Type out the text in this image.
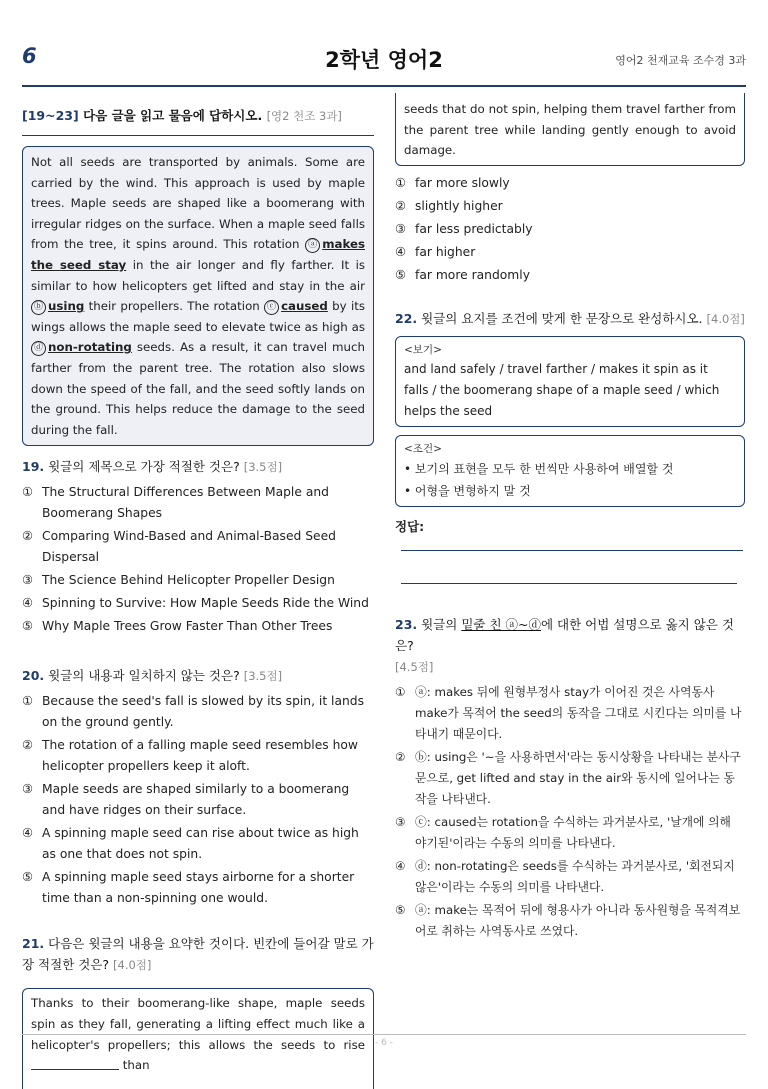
2학년 영어2
6	영어2 천재교육 조수경 3과
[19~23] 다음 글을 읽고 물음에 답하시오. [영2 천조 3과]
Not all seeds are transported by animals. Some are carried by the wind. This approach is used by maple trees. Maple seeds are shaped like a boomerang with irregular ridges on the surface. When a maple seed falls from the tree, it spins around. This rotation ⓐ makes the seed stay in the air longer and fly farther. It is similar to how helicopters get lifted and stay in the air ⓑ using their propellers. The rotation ⓒ caused by its wings allows the maple seed to elevate twice as high as ⓓ non-rotating seeds. As a result, it can travel much farther from the parent tree. The rotation also slows down the speed of the fall, and the seed softly lands on the ground. This helps reduce the damage to the seed during the fall.
19. 윗글의 제목으로 가장 적절한 것은? [3.5점]
① The Structural Differences Between Maple and Boomerang Shapes
② Comparing Wind-Based and Animal-Based Seed Dispersal
③ The Science Behind Helicopter Propeller Design
④ Spinning to Survive: How Maple Seeds Ride the Wind
⑤ Why Maple Trees Grow Faster Than Other Trees
20. 윗글의 내용과 일치하지 않는 것은? [3.5점]
① Because the seed's fall is slowed by its spin, it lands on the ground gently.
② The rotation of a falling maple seed resembles how helicopter propellers keep it aloft.
③ Maple seeds are shaped similarly to a boomerang and have ridges on their surface.
④ A spinning maple seed can rise about twice as high as one that does not spin.
⑤ A spinning maple seed stays airborne for a shorter time than a non-spinning one would.
21. 다음은 윗글의 내용을 요약한 것이다. 빈칸에 들어갈 말로 가장 적절한 것은? [4.0점]
Thanks to their boomerang-like shape, maple seeds spin as they fall, generating a lifting effect much like a helicopter's propellers; this allows the seeds to rise  than
seeds that do not spin, helping them travel farther from the parent tree while landing gently enough to avoid damage.
① far more slowly
② slightly higher
③ far less predictably
④ far higher
⑤ far more randomly
22. 윗글의 요지를 조건에 맞게 한 문장으로 완성하시오. [4.0점]
<보기>
and land safely / travel farther / makes it spin as it falls / the boomerang shape of a maple seed / which helps the seed
<조건>
• 보기의 표현을 모두 한 번씩만 사용하여 배열할 것
• 어형을 변형하지 말 것
정답:
23. 윗글의 밑줄 친 ⓐ~ⓓ에 대한 어법 설명으로 옳지 않은 것은?
[4.5점]
① ⓐ: makes 뒤에 원형부정사 stay가 이어진 것은 사역동사 make가 목적어 the seed의 동작을 그대로 시킨다는 의미를 나타내기 때문이다.
② ⓑ: using은 '~을 사용하면서'라는 동시상황을 나타내는 분사구문으로, get lifted and stay in the air와 동시에 일어나는 동작을 나타낸다.
③ ⓒ: caused는 rotation을 수식하는 과거분사로, '날개에 의해 야기된'이라는 수동의 의미를 나타낸다.
④ ⓓ: non-rotating은 seeds를 수식하는 과거분사로, '회전되지 않은'이라는 수동의 의미를 나타낸다.
⑤ ⓐ: make는 목적어 뒤에 형용사가 아니라 동사원형을 목적격보어로 취하는 사역동사로 쓰였다.
- 6 -
